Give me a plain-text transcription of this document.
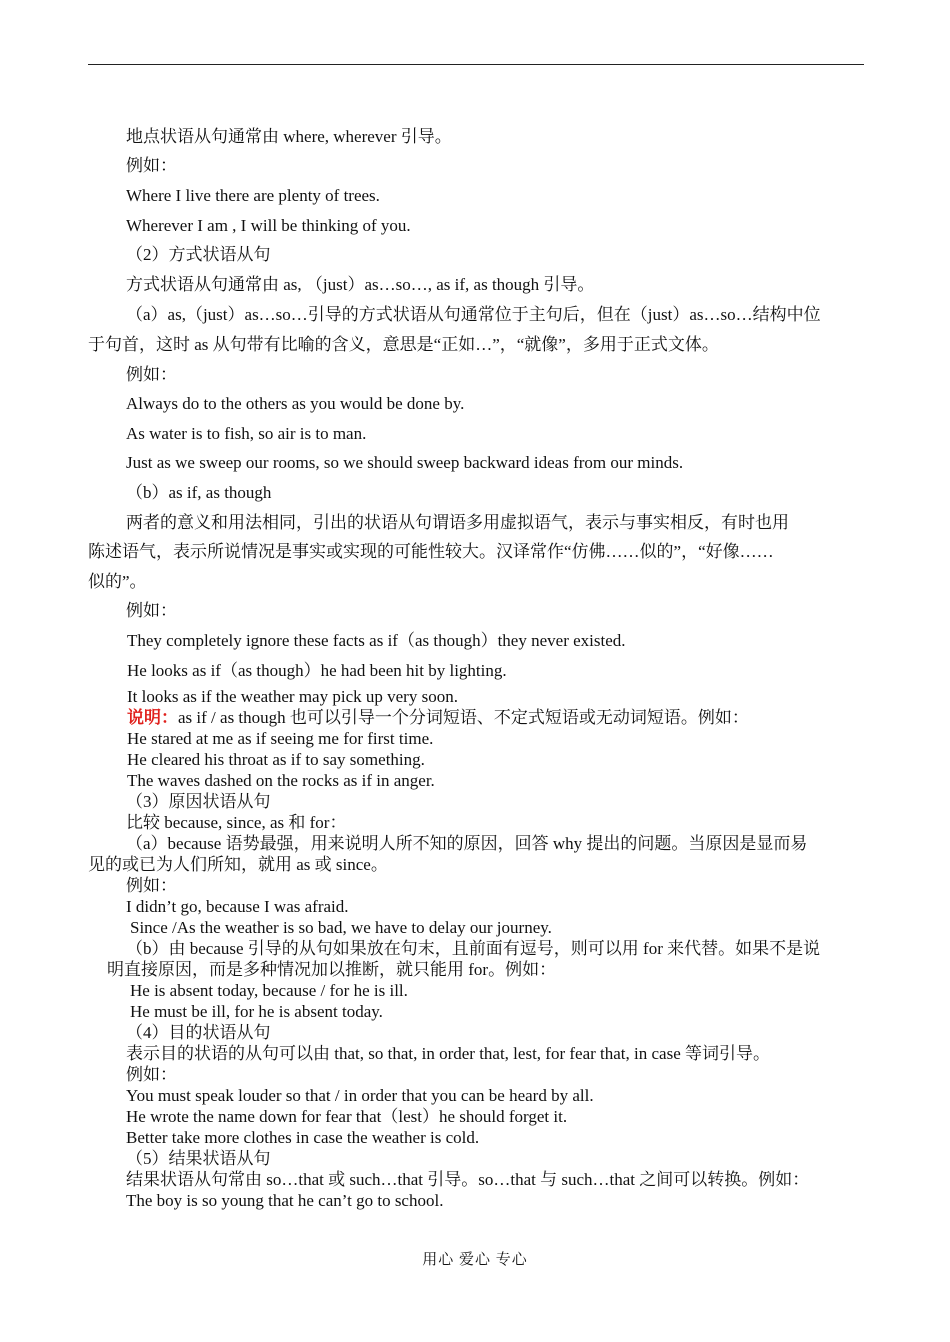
地点状语从句通常由 where, wherever 引导。
例如：
Where I live there are plenty of trees.
Wherever I am , I will be thinking of you.
（2）方式状语从句
方式状语从句通常由 as, （just）as…so…, as if, as though 引导。
（a）as,（just）as…so…引导的方式状语从句通常位于主句后，但在（just）as…so…结构中位
于句首，这时 as 从句带有比喻的含义，意思是“正如…”，“就像”，多用于正式文体。
例如：
Always do to the others as you would be done by.
As water is to fish, so air is to man.
Just as we sweep our rooms, so we should sweep backward ideas from our minds.
（b）as if, as though
两者的意义和用法相同，引出的状语从句谓语多用虚拟语气，表示与事实相反，有时也用
陈述语气，表示所说情况是事实或实现的可能性较大。汉译常作“仿佛……似的”，“好像……
似的”。
例如：
They completely ignore these facts as if（as though）they never existed.
He looks as if（as though）he had been hit by lighting.
It looks as if the weather may pick up very soon.
说明：as if / as though 也可以引导一个分词短语、不定式短语或无动词短语。例如：
He stared at me as if seeing me for first time.
He cleared his throat as if to say something.
The waves dashed on the rocks as if in anger.
（3）原因状语从句
比较 because, since, as 和 for：
（a）because 语势最强，用来说明人所不知的原因，回答 why 提出的问题。当原因是显而易
见的或已为人们所知，就用 as 或 since。
例如：
I didn’t go, because I was afraid.
Since /As the weather is so bad, we have to delay our journey.
（b）由 because 引导的从句如果放在句末，且前面有逗号，则可以用 for 来代替。如果不是说
明直接原因，而是多种情况加以推断，就只能用 for。例如：
He is absent today, because / for he is ill.
He must be ill, for he is absent today.
（4）目的状语从句
表示目的状语的从句可以由 that, so that, in order that, lest, for fear that, in case 等词引导。
例如：
You must speak louder so that / in order that you can be heard by all.
He wrote the name down for fear that（lest）he should forget it.
Better take more clothes in case the weather is cold.
（5）结果状语从句
结果状语从句常由 so…that 或 such…that 引导。so…that 与 such…that 之间可以转换。例如：
The boy is so young that he can’t go to school.
用心 爱心 专心
